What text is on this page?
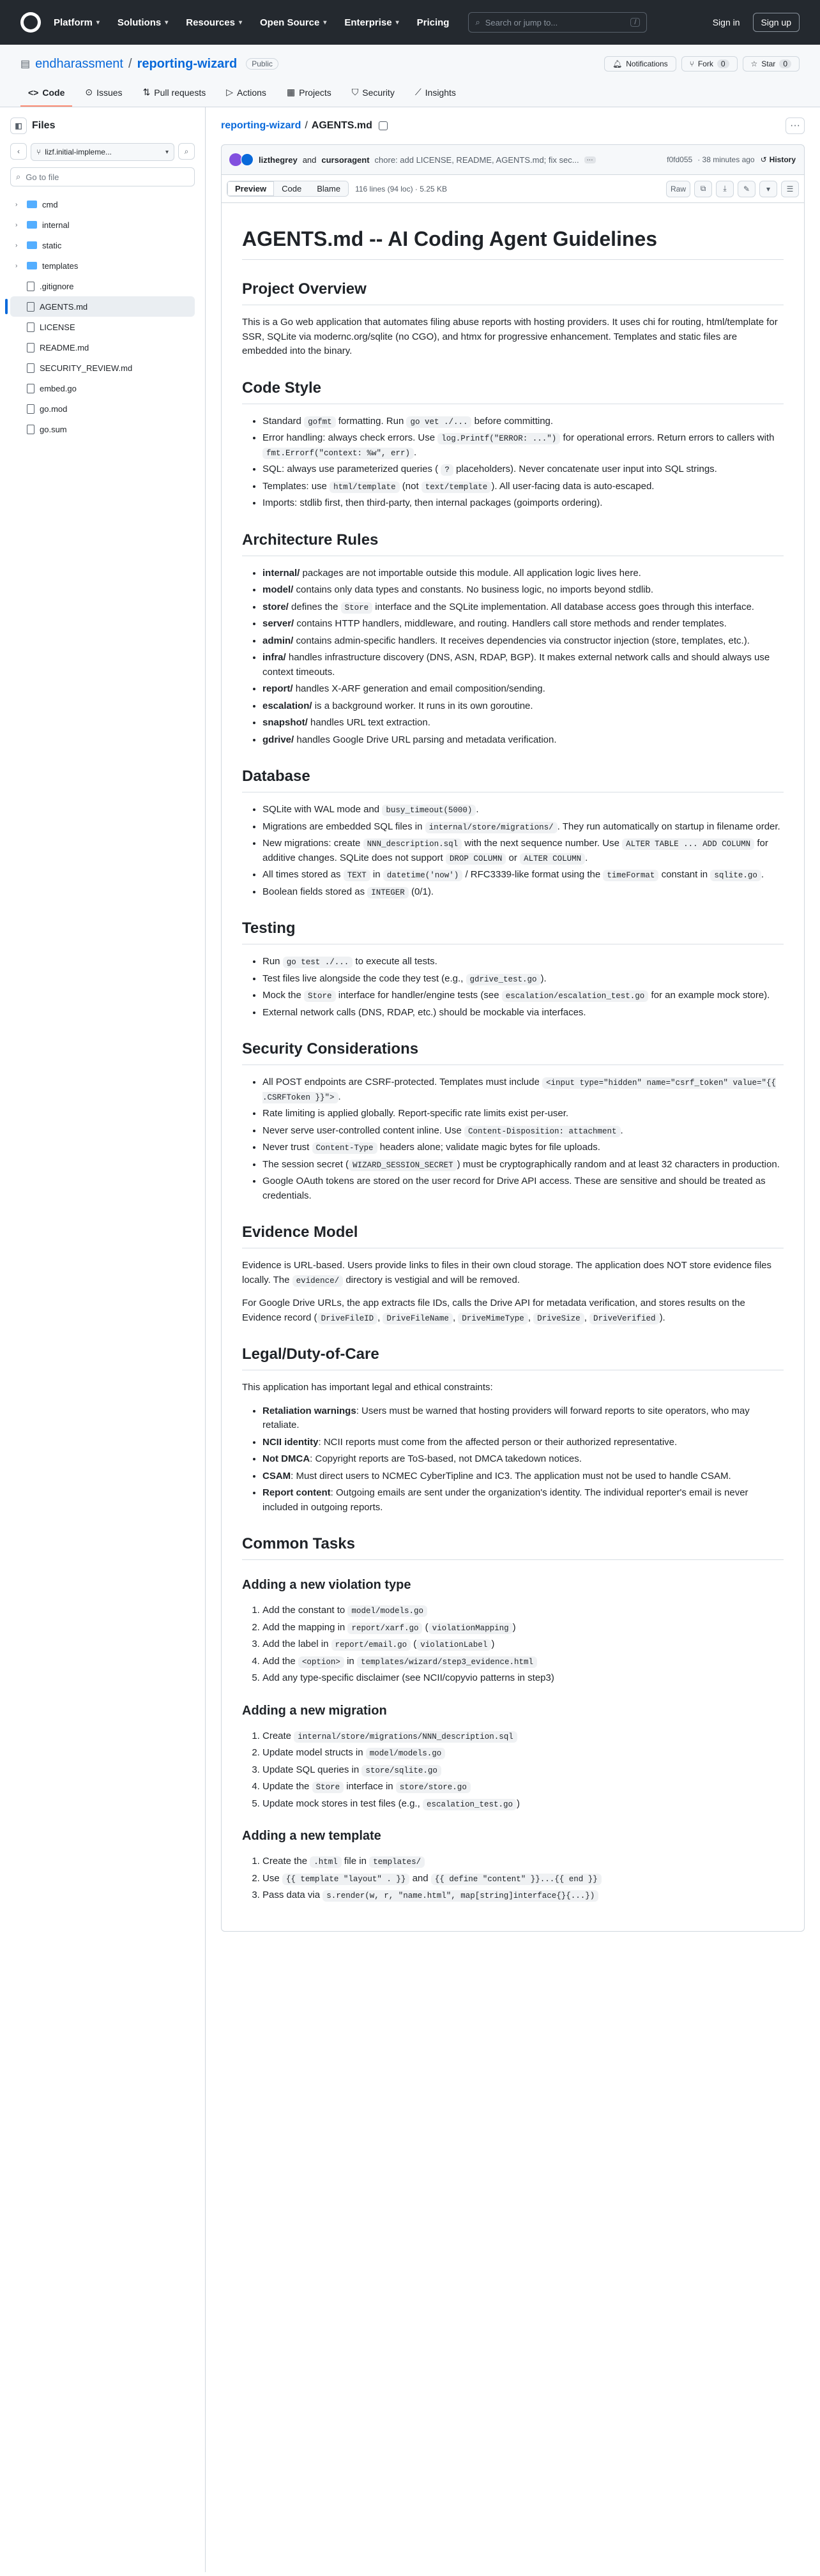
Platform ▾ Solutions ▾ Resources ▾ Open Source ▾ Enterprise ▾ Pricing	⌕ Search or jump to...	/	Sign in	Sign up
▤ endharassment / reporting-wizard	Public	🔔︎ Notifications	⑂ Fork	0	☆ Star	0
<> Code ⊙ Issues ⇅ Pull requests ▷ Actions ▦ Projects ⛉ Security ⟋ Insights
◧ Files
‹	⑂ lizf.initial-impleme...	▾	⌕
⌕ Go to file
›	cmd
›	internal
›	static
›	templates
.gitignore
AGENTS.md
LICENSE
README.md
SECURITY_REVIEW.md
embed.go
go.mod
go.sum
reporting-wizard / AGENTS.md	···
lizthegrey and cursoragent chore: add LICENSE, README, AGENTS.md; fix sec...	···	f0fd055 · 38 minutes ago ↺ History
Preview	Code	Blame	116 lines (94 loc) · 5.25 KB	Raw	⧉	⤓	✎	▾	☰
AGENTS.md -- AI Coding Agent Guidelines
Project Overview

This is a Go web application that automates filing abuse reports with hosting providers. It uses chi for routing, html/template for SSR, SQLite via modernc.org/sqlite (no CGO), and htmx for progressive enhancement. Templates and static files are embedded into the binary.

Code Style
• Standard gofmt formatting. Run go vet ./... before committing.
• Error handling: always check errors. Use log.Printf("ERROR: ...") for operational errors. Return errors to callers with fmt.Errorf("context: %w", err) .
• SQL: always use parameterized queries ( ? placeholders). Never concatenate user input into SQL strings.
• Templates: use html/template (not text/template ). All user-facing data is auto-escaped.
• Imports: stdlib first, then third-party, then internal packages (goimports ordering).
Architecture Rules
• internal/ packages are not importable outside this module. All application logic lives here.
• model/ contains only data types and constants. No business logic, no imports beyond stdlib.
• store/ defines the Store interface and the SQLite implementation. All database access goes through this interface.
• server/ contains HTTP handlers, middleware, and routing. Handlers call store methods and render templates.
• admin/ contains admin-specific handlers. It receives dependencies via constructor injection (store, templates, etc.).
• infra/ handles infrastructure discovery (DNS, ASN, RDAP, BGP). It makes external network calls and should always use context timeouts.
• report/ handles X-ARF generation and email composition/sending.
• escalation/ is a background worker. It runs in its own goroutine.
• snapshot/ handles URL text extraction.
• gdrive/ handles Google Drive URL parsing and metadata verification.
Database
• SQLite with WAL mode and busy_timeout(5000) .
• Migrations are embedded SQL files in internal/store/migrations/ . They run automatically on startup in filename order.
• New migrations: create NNN_description.sql with the next sequence number. Use ALTER TABLE ... ADD COLUMN for additive changes. SQLite does not support DROP COLUMN or ALTER COLUMN .
• All times stored as TEXT in datetime('now') / RFC3339-like format using the timeFormat constant in sqlite.go .
• Boolean fields stored as INTEGER (0/1).
Testing
• Run go test ./... to execute all tests.
• Test files live alongside the code they test (e.g., gdrive_test.go ).
• Mock the Store interface for handler/engine tests (see escalation/escalation_test.go for an example mock store).
• External network calls (DNS, RDAP, etc.) should be mockable via interfaces.
Security Considerations
• All POST endpoints are CSRF-protected. Templates must include <input type="hidden" name="csrf_token" value="{{ .CSRFToken }}"> .
• Rate limiting is applied globally. Report-specific rate limits exist per-user.
• Never serve user-controlled content inline. Use Content-Disposition: attachment .
• Never trust Content-Type headers alone; validate magic bytes for file uploads.
• The session secret ( WIZARD_SESSION_SECRET ) must be cryptographically random and at least 32 characters in production.
• Google OAuth tokens are stored on the user record for Drive API access. These are sensitive and should be treated as credentials.
Evidence Model

Evidence is URL-based. Users provide links to files in their own cloud storage. The application does NOT store evidence files locally. The evidence/ directory is vestigial and will be removed.

For Google Drive URLs, the app extracts file IDs, calls the Drive API for metadata verification, and stores results on the Evidence record ( DriveFileID , DriveFileName , DriveMimeType , DriveSize , DriveVerified ).

Legal/Duty-of-Care

This application has important legal and ethical constraints:

• Retaliation warnings: Users must be warned that hosting providers will forward reports to site operators, who may retaliate.
• NCII identity: NCII reports must come from the affected person or their authorized representative.
• Not DMCA: Copyright reports are ToS-based, not DMCA takedown notices.
• CSAM: Must direct users to NCMEC CyberTipline and IC3. The application must not be used to handle CSAM.
• Report content: Outgoing emails are sent under the organization's identity. The individual reporter's email is never included in outgoing reports.
Common Tasks
Adding a new violation type
1. Add the constant to model/models.go
2. Add the mapping in report/xarf.go ( violationMapping )
3. Add the label in report/email.go ( violationLabel )
4. Add the <option> in templates/wizard/step3_evidence.html
5. Add any type-specific disclaimer (see NCII/copyvio patterns in step3)
Adding a new migration
1. Create internal/store/migrations/NNN_description.sql
2. Update model structs in model/models.go
3. Update SQL queries in store/sqlite.go
4. Update the Store interface in store/store.go
5. Update mock stores in test files (e.g., escalation_test.go )
Adding a new template
1. Create the .html file in templates/
2. Use {{ template "layout" . }} and {{ define "content" }}...{{ end }}
3. Pass data via s.render(w, r, "name.html", map[string]interface{}{...})
